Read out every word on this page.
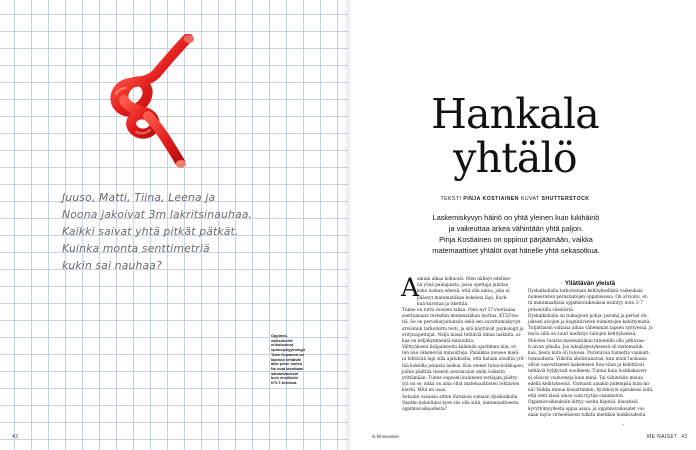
Juuso, Matti, Tiina, Leena ja
Noona jakoivat 3m lakritsinauhaa.
Kaikki saivat yhtä pitkät pätkät.
Kuinka monta senttimetriä
kukin sai nauhaa?
Oppimis-
vaikeuksille
erikoistunut
opuksipsyykolog/i
Tuire Koponen on
laatinut tehtävät
tälle jutun varten.
Ne ovat tasoltaan
samantasoisia
kuin ensilistiin
KTLT-testissä.
42
Hankala
yhtälö
TEKSTI PINJA KOSTIAINEN KUVAT SHUTTERSTOCK
Laskemiskyvyn häiriö on yhtä yleinen kuin lukihäiriö
ja vaikeuttaa arkea vähintään yhtä paljon.
Pinja Kostiainen on oppinut pärjäämään, vaikka
matemaattiset yhtälöt ovat hänelle yhtä sekasotkua.
A
amuni alkaa kohuosti. Olen nähnyt edellise-
nä yönä painajaista, jossa opettaja julistaa
koko luokan edessä, että olin ainoa, joka ei
päässyt matematiikan kokeista läpi. Kurk-
kua kuristaa ja itkettää.
Tunne on tuttu vuosien takaa. Olen nyt 37-vuotiaana
asettumassa testeihin matematiikan luottaa, KTLT-tes-
tiä. Se on perusharjoituksiin sekä sen suvuttamiskyvyn
arvioiniin tarkoitettu testi, ja sitä käyttävät psykologit ja
erityisopettajat. Neljä niissä tehtäviä ilman laskinta, ai-
kaa on neljäkymmentä minuuttia.
Välttyäkseni lisäpaineelta käännän ajastimen niin, et-
ten näe vähenevää minuutteja. Paniikkia nousee mieli-
ni tehtävää lapi silla ajatuksella, että haluan aloaltin yrit-
tää kokeilla jokaista laskua. Kun etenet tuloa-toukkapoo,
joihin päättää tiesesti seuraavaan eniki vaikeita
yrittämään. Tunne suposeli kuluneen testiajan päätty-
tyä on se, mikä on aina ollut matemaattisten tehtävien
kiertä. Mitä en osaa.
Sotsalin vasaisia sitten tärmäsin samaan djuskulkulla.
Vasitko kokeiltaisi kyse siis olla siitä, matemaattisesta
oppimisvaikeudesta?
Yllättävän yleistä
Dyskalkulialla tarkoitetaan kehityksellistä vaikeuksia
numeeristen perustaitojen oppimisessa. On arvioitu, et-
tä matemaattisia oppimisvaikeuksia esiintyy noin 3–7
prosentilla väestöstä.
Dyskalkulialla on tiukoguun pohja: perimä ja perusl oh-
jaksesi aivojen ja kognitiivisten toimintojen kehittymistä.
Tutjattaisin valtaisa aihaa vähemmän lapsen syntyessä, ja
myös sillä on suuri merkitys taitojen kehityksessä.
Muisteu tuoista matematiikan tunnetilla olla jatkuvaa-
it aivan pihalla. Jos lukujärjestyksessä oli matematiik-
kaa, tiesin mitä oli tulossa. Puristavaa tunnetta vaamatt-
tomuudesta. Viikolla aholistanavan, kun muut luokassa
olivat saavuttaneet laskemisen flow-tilan ja kehittävät
tehtäviä hyljkyvalt suolineen. Tuntui kuin luokkakaveri-
ni olisivat vauhomeja kuin minä. Tai vähintään minua
edellä kehityksessä. Varmasti ainakin pidempää kuin mi-
nä! Vaikka minua kiusattiinkin, hyvitkoyin ajatuksesi siitä,
että olen tässä ainoa vain tyytiin osaamaton.
Oppimisvaikeuksiin liittyy useita häpeää, kiusyksiä
kyvyttömyydestä oppia asiaa, ja oppimisvaikeudet voi-
daan myös virheellisesti tulkita merkiksi heikkoudesta
→
is.fi/menaiset	ME NAISET 43
